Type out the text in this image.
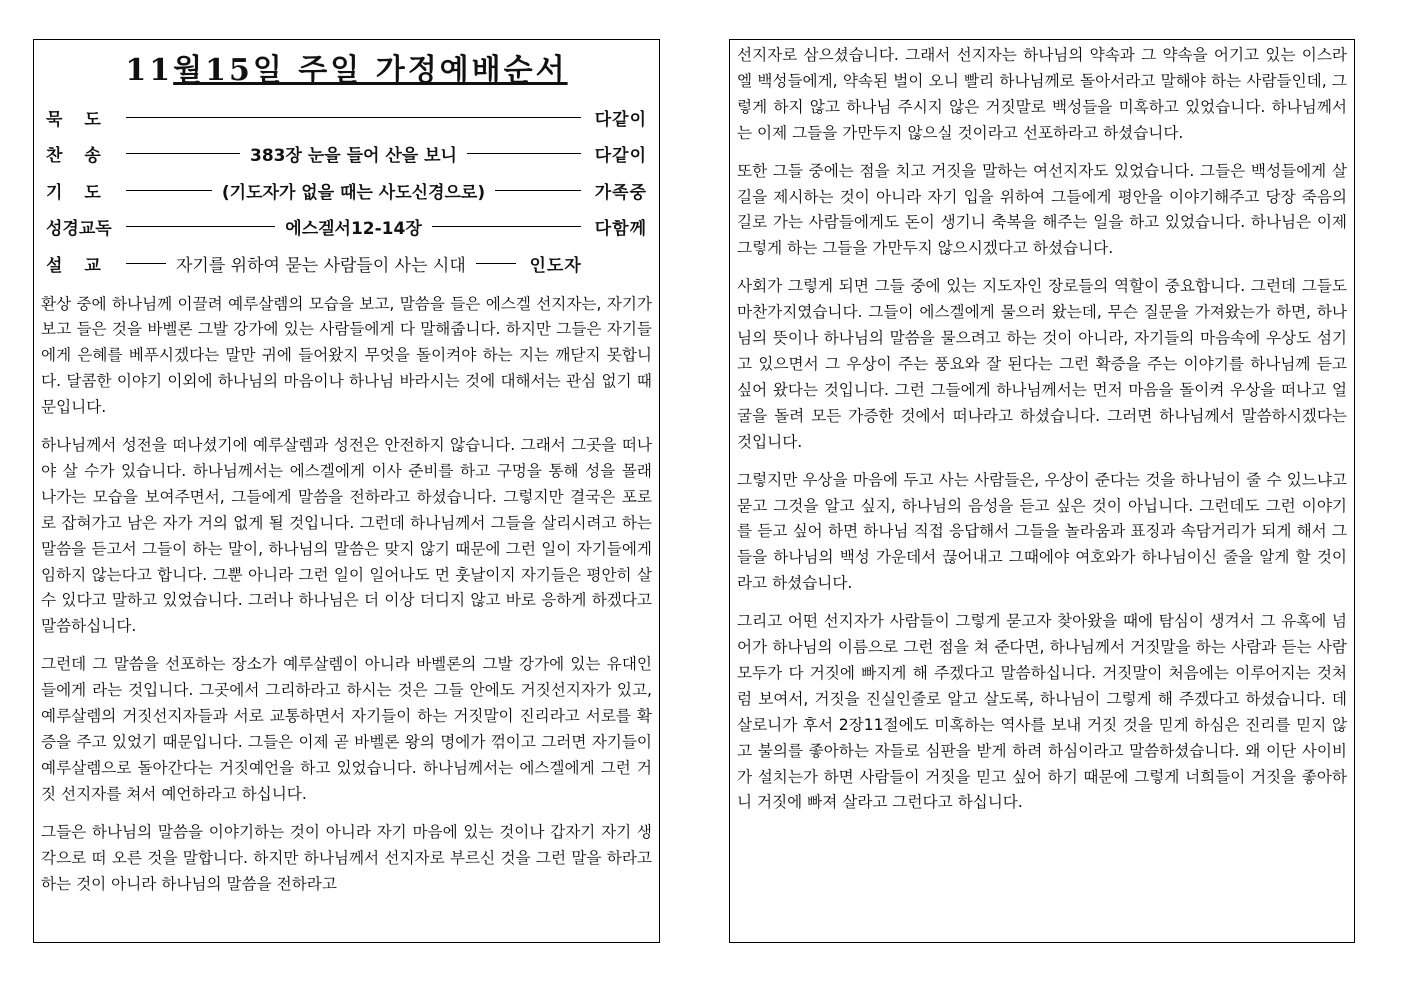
11월15일 주일 가정예배순서
묵 도	다같이
찬 송	383장 눈을 들어 산을 보니	다같이
기 도	(기도자가 없을 때는 사도신경으로)	가족중
성경교독	에스겔서12-14장	다함께
설 교	자기를 위하여 묻는 사람들이 사는 시대	인도자

환상 중에 하나님께 이끌려 예루살렘의 모습을 보고, 말씀을 들은 에스겔 선지자는, 자기가 보고 들은 것을 바벨론 그발 강가에 있는 사람들에게 다 말해줍니다. 하지만 그들은 자기들에게 은혜를 베푸시겠다는 말만 귀에 들어왔지 무엇을 돌이켜야 하는 지는 깨닫지 못합니다. 달콤한 이야기 이외에 하나님의 마음이나 하나님 바라시는 것에 대해서는 관심 없기 때문입니다.

하나님께서 성전을 떠나셨기에 예루살렘과 성전은 안전하지 않습니다. 그래서 그곳을 떠나야 살 수가 있습니다. 하나님께서는 에스겔에게 이사 준비를 하고 구멍을 통해 성을 몰래 나가는 모습을 보여주면서, 그들에게 말씀을 전하라고 하셨습니다. 그렇지만 결국은 포로로 잡혀가고 남은 자가 거의 없게 될 것입니다. 그런데 하나님께서 그들을 살리시려고 하는 말씀을 듣고서 그들이 하는 말이, 하나님의 말씀은 맞지 않기 때문에 그런 일이 자기들에게 임하지 않는다고 합니다. 그뿐 아니라 그런 일이 일어나도 먼 훗날이지 자기들은 평안히 살 수 있다고 말하고 있었습니다. 그러나 하나님은 더 이상 더디지 않고 바로 응하게 하겠다고 말씀하십니다.

그런데 그 말씀을 선포하는 장소가 예루살렘이 아니라 바벨론의 그발 강가에 있는 유대인들에게 라는 것입니다. 그곳에서 그리하라고 하시는 것은 그들 안에도 거짓선지자가 있고, 예루살렘의 거짓선지자들과 서로 교통하면서 자기들이 하는 거짓말이 진리라고 서로를 확증을 주고 있었기 때문입니다. 그들은 이제 곧 바벨론 왕의 명에가 꺾이고 그러면 자기들이 예루살렘으로 돌아간다는 거짓예언을 하고 있었습니다. 하나님께서는 에스겔에게 그런 거짓 선지자를 쳐서 예언하라고 하십니다.

그들은 하나님의 말씀을 이야기하는 것이 아니라 자기 마음에 있는 것이나 갑자기 자기 생각으로 떠 오른 것을 말합니다. 하지만 하나님께서 선지자로 부르신 것을 그런 말을 하라고 하는 것이 아니라 하나님의 말씀을 전하라고

선지자로 삼으셨습니다. 그래서 선지자는 하나님의 약속과 그 약속을 어기고 있는 이스라엘 백성들에게, 약속된 벌이 오니 빨리 하나님께로 돌아서라고 말해야 하는 사람들인데, 그렇게 하지 않고 하나님 주시지 않은 거짓말로 백성들을 미혹하고 있었습니다. 하나님께서는 이제 그들을 가만두지 않으실 것이라고 선포하라고 하셨습니다.

또한 그들 중에는 점을 치고 거짓을 말하는 여선지자도 있었습니다. 그들은 백성들에게 살길을 제시하는 것이 아니라 자기 입을 위하여 그들에게 평안을 이야기해주고 당장 죽음의 길로 가는 사람들에게도 돈이 생기니 축복을 해주는 일을 하고 있었습니다. 하나님은 이제 그렇게 하는 그들을 가만두지 않으시겠다고 하셨습니다.

사회가 그렇게 되면 그들 중에 있는 지도자인 장로들의 역할이 중요합니다. 그런데 그들도 마찬가지였습니다. 그들이 에스겔에게 물으러 왔는데, 무슨 질문을 가져왔는가 하면, 하나님의 뜻이나 하나님의 말씀을 물으려고 하는 것이 아니라, 자기들의 마음속에 우상도 섬기고 있으면서 그 우상이 주는 풍요와 잘 된다는 그런 확증을 주는 이야기를 하나님께 듣고 싶어 왔다는 것입니다. 그런 그들에게 하나님께서는 먼저 마음을 돌이켜 우상을 떠나고 얼굴을 돌려 모든 가증한 것에서 떠나라고 하셨습니다. 그러면 하나님께서 말씀하시겠다는 것입니다.

그렇지만 우상을 마음에 두고 사는 사람들은, 우상이 준다는 것을 하나님이 줄 수 있느냐고 묻고 그것을 알고 싶지, 하나님의 음성을 듣고 싶은 것이 아닙니다. 그런데도 그런 이야기를 듣고 싶어 하면 하나님 직접 응답해서 그들을 놀라움과 표징과 속담거리가 되게 해서 그들을 하나님의 백성 가운데서 끊어내고 그때에야 여호와가 하나님이신 줄을 알게 할 것이라고 하셨습니다.

그리고 어떤 선지자가 사람들이 그렇게 묻고자 찾아왔을 때에 탐심이 생겨서 그 유혹에 넘어가 하나님의 이름으로 그런 점을 쳐 준다면, 하나님께서 거짓말을 하는 사람과 듣는 사람 모두가 다 거짓에 빠지게 해 주겠다고 말씀하십니다. 거짓말이 처음에는 이루어지는 것처럼 보여서, 거짓을 진실인줄로 알고 살도록, 하나님이 그렇게 해 주겠다고 하셨습니다. 데살로니가 후서 2장11절에도 미혹하는 역사를 보내 거짓 것을 믿게 하심은 진리를 믿지 않고 불의를 좋아하는 자들로 심판을 받게 하려 하심이라고 말씀하셨습니다. 왜 이단 사이비가 설치는가 하면 사람들이 거짓을 믿고 싶어 하기 때문에 그렇게 너희들이 거짓을 좋아하니 거짓에 빠져 살라고 그런다고 하십니다.
